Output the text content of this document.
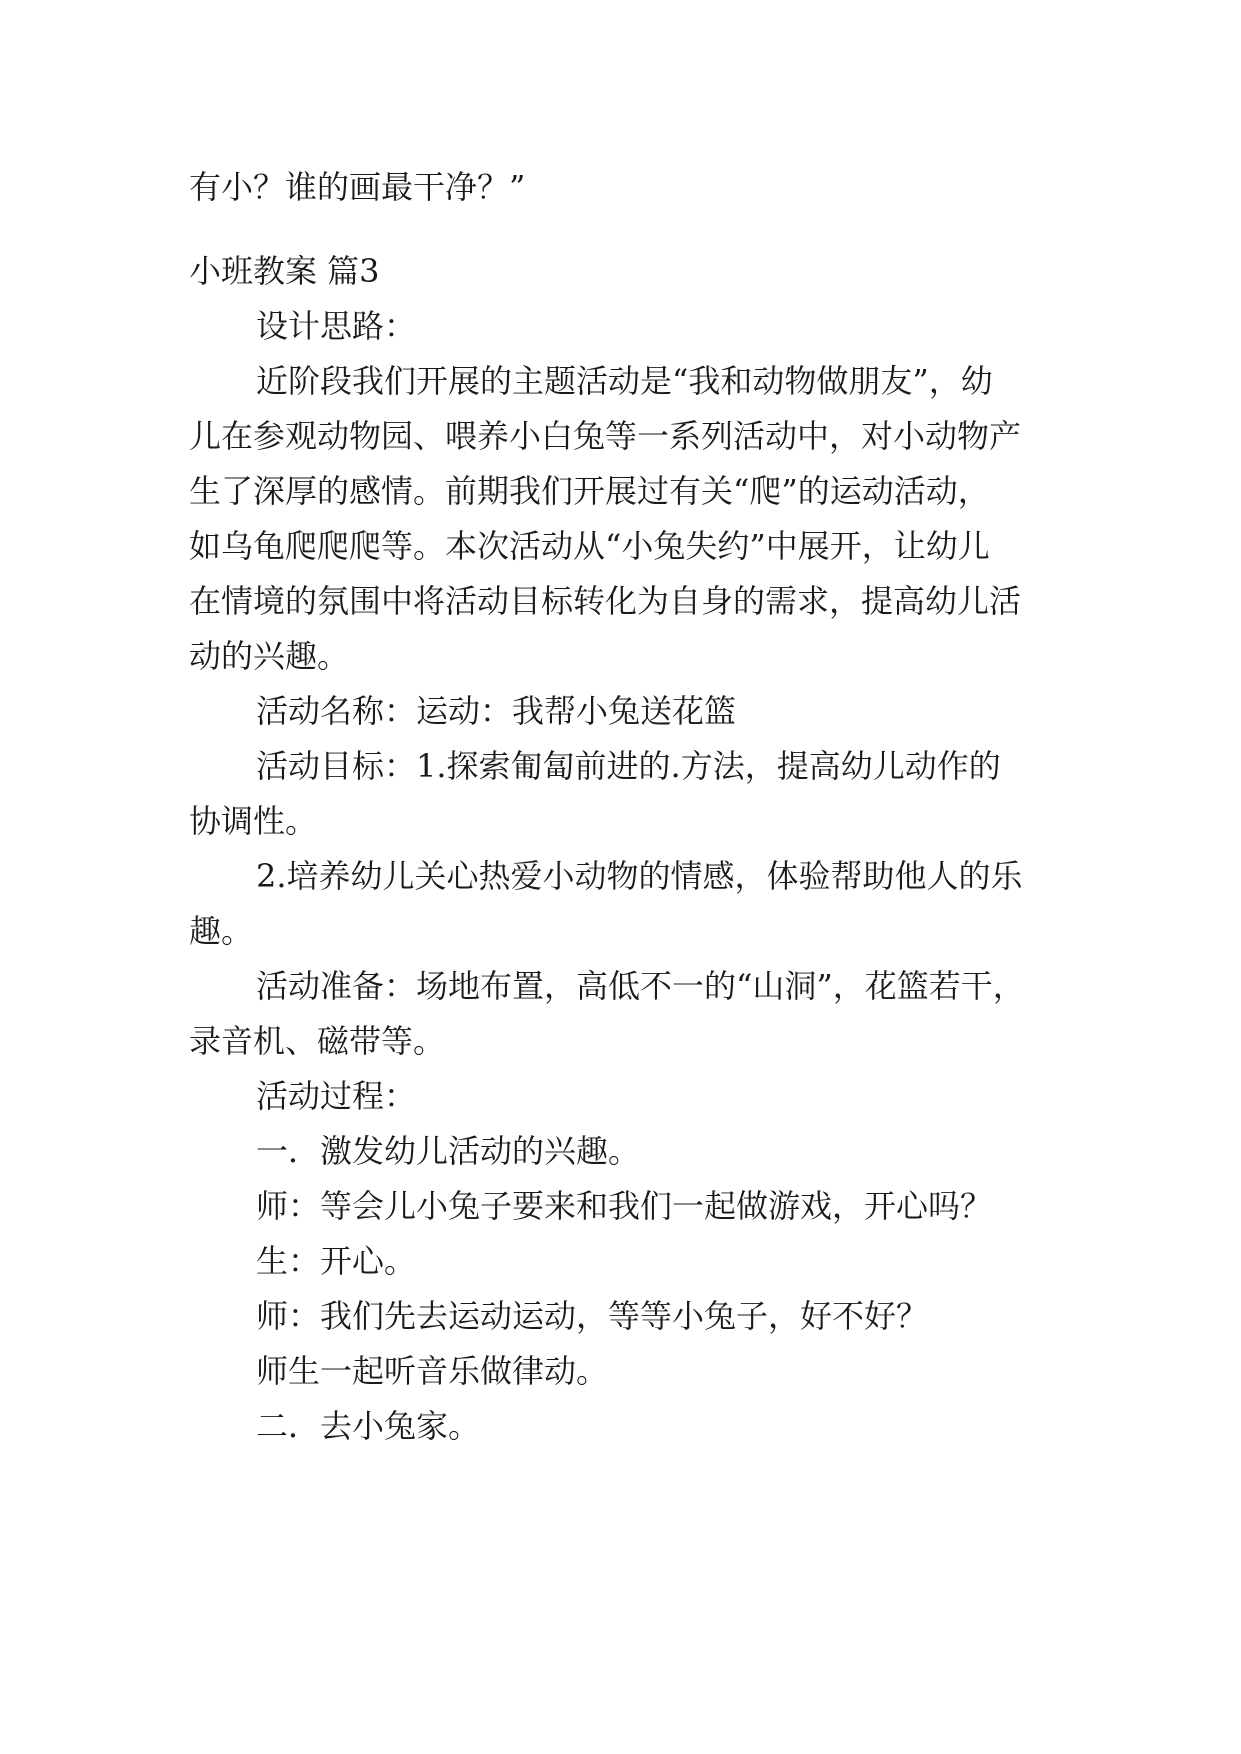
有小？谁的画最干净？”
小班教案 篇3
设计思路：
近阶段我们开展的主题活动是“我和动物做朋友”，幼
儿在参观动物园、喂养小白兔等一系列活动中，对小动物产
生了深厚的感情。前期我们开展过有关“爬”的运动活动，
如乌龟爬爬爬等。本次活动从“小兔失约”中展开，让幼儿
在情境的氛围中将活动目标转化为自身的需求，提高幼儿活
动的兴趣。
活动名称：运动：我帮小兔送花篮
活动目标：1.探索匍匐前进的.方法，提高幼儿动作的
协调性。
2.培养幼儿关心热爱小动物的情感，体验帮助他人的乐
趣。
活动准备：场地布置，高低不一的“山洞”，花篮若干，
录音机、磁带等。
活动过程：
一．激发幼儿活动的兴趣。
师：等会儿小兔子要来和我们一起做游戏，开心吗？
生：开心。
师：我们先去运动运动，等等小兔子，好不好？
师生一起听音乐做律动。
二．去小兔家。
